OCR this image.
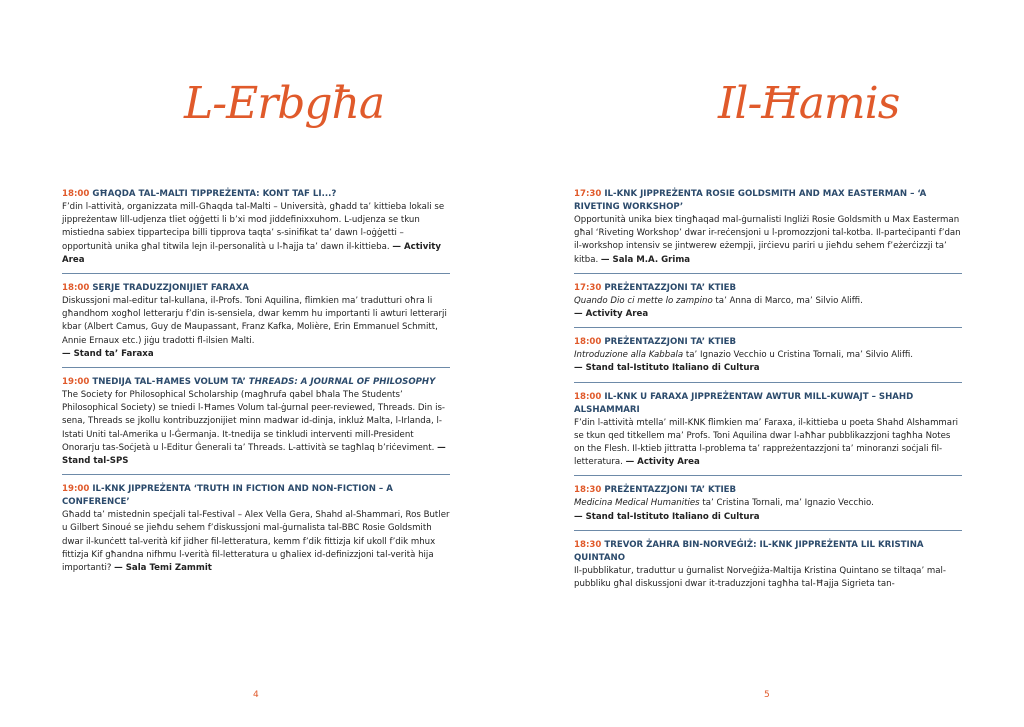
L-Erbgħa
18:00 GĦAQDA TAL-MALTI TIPPREŻENTA: KONT TAF LI...?
F’din l-attività, organizzata mill-Għaqda tal-Malti – Università, għadd ta’ kittieba lokali se jippreżentaw lill-udjenza tliet oġġetti li b’xi mod jiddefinixxuhom. L-udjenza se tkun mistiedna sabiex tippartecipa billi tipprova taqta’ s-sinifikat ta’ dawn l-oġġetti – opportunità unika għal titwila lejn il-personalità u l-ħajja ta’ dawn il-kittieba. — Activity Area
18:00 SERJE TRADUZZJONIJIET FARAXA
Diskussjoni mal-editur tal-kullana, il-Profs. Toni Aquilina, flimkien ma’ tradutturi oħra li għandhom xogħol letterarju f’din is-sensiela, dwar kemm hu importanti li awturi letterarji kbar (Albert Camus, Guy de Maupassant, Franz Kafka, Molière, Erin Emmanuel Schmitt, Annie Ernaux etc.) jiġu tradotti fl-ilsien Malti.
— Stand ta’ Faraxa
19:00 TNEDIJA TAL-ĦAMES VOLUM TA’ THREADS: A JOURNAL OF PHILOSOPHY
The Society for Philosophical Scholarship (magħrufa qabel bħala The Students’ Philosophical Society) se tniedi l-Ħames Volum tal-ġurnal peer-reviewed, Threads. Din is-sena, Threads se jkollu kontribuzzjonijiet minn madwar id-dinja, inkluż Malta, l-Irlanda, l-Istati Uniti tal-Amerika u l-Ġermanja. It-tnedija se tinkludi interventi mill-President Onorarju tas-Soċjetà u l-Editur Ġenerali ta’ Threads. L-attività se tagħlaq b’riċeviment. — Stand tal-SPS
19:00 IL-KNK JIPPREŻENTA ‘TRUTH IN FICTION AND NON-FICTION – A CONFERENCE’
Għadd ta’ mistednin speċjali tal-Festival – Alex Vella Gera, Shahd al-Shammari, Ros Butler u Gilbert Sinoué se jieħdu sehem f’diskussjoni mal-ġurnalista tal-BBC Rosie Goldsmith dwar il-kunċett tal-verità kif jidher fil-letteratura, kemm f’dik fittizja kif ukoll f’dik mhux fittizja Kif għandna nifhmu l-verità fil-letteratura u għaliex id-definizzjoni tal-verità hija importanti? — Sala Temi Zammit
4
Il-Ħamis
5
17:30 IL-KNK JIPPREŻENTA ROSIE GOLDSMITH AND MAX EASTERMAN – ‘A RIVETING WORKSHOP’
Opportunità unika biex tingħaqad mal-ġurnalisti Ingliżi Rosie Goldsmith u Max Easterman għal ‘Riveting Workshop’ dwar ir-reċensjoni u l-promozzjoni tal-kotba. Il-parteċipanti f’dan il-workshop intensiv se jintwerew eżempji, jirċievu pariri u jieħdu sehem f’eżerċizzji ta’ kitba. — Sala M.A. Grima
17:30 PREŻENTAZZJONI TA’ KTIEB
Quando Dio ci mette lo zampino ta’ Anna di Marco, ma’ Silvio Aliffi.
— Activity Area
18:00 PREŻENTAZZJONI TA’ KTIEB
Introduzione alla Kabbala ta’ Ignazio Vecchio u Cristina Tornali, ma’ Silvio Aliffi.
— Stand tal-Istituto Italiano di Cultura
18:00 IL-KNK U FARAXA JIPPREŻENTAW AWTUR MILL-KUWAJT – SHAHD ALSHAMMARI
F’din l-attività mtella’ mill-KNK flimkien ma’ Faraxa, il-kittieba u poeta Shahd Alshammari se tkun qed titkellem ma’ Profs. Toni Aquilina dwar l-aħħar pubblikazzjoni tagħha Notes on the Flesh. Il-ktieb jittratta l-problema ta’ rappreżentazzjoni ta’ minoranzi soċjali fil-letteratura. — Activity Area
18:30 PREŻENTAZZJONI TA’ KTIEB
Medicina Medical Humanities ta’ Cristina Tornali, ma’ Ignazio Vecchio.
— Stand tal-Istituto Italiano di Cultura
18:30 TREVOR ŻAHRA BIN-NORVEĠIŻ: IL-KNK JIPPREŻENTA LIL KRISTINA QUINTANO
Il-pubblikatur, traduttur u ġurnalist Norveġiża-Maltija Kristina Quintano se tiltaqa’ mal-pubbliku għal diskussjoni dwar it-traduzzjoni tagħha tal-Ħajja Sigrieta tan-
